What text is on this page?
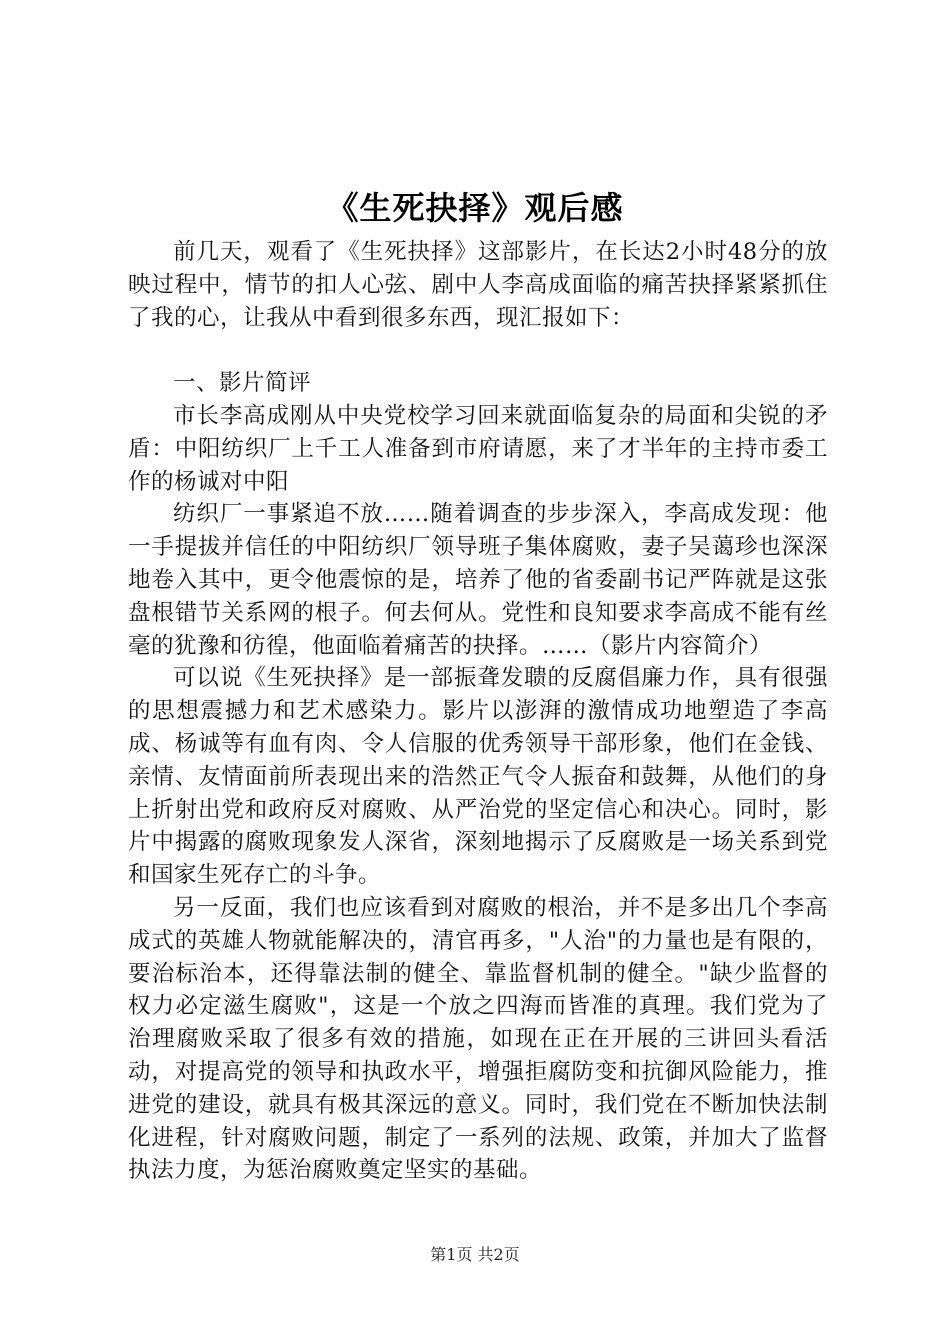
《生死抉择》观后感

前几天，观看了《生死抉择》这部影片，在长达2小时48分的放映过程中，情节的扣人心弦、剧中人李高成面临的痛苦抉择紧紧抓住了我的心，让我从中看到很多东西，现汇报如下：

一、影片简评

市长李高成刚从中央党校学习回来就面临复杂的局面和尖锐的矛盾：中阳纺织厂上千工人准备到市府请愿，来了才半年的主持市委工作的杨诚对中阳

纺织厂一事紧追不放……随着调查的步步深入，李高成发现：他一手提拔并信任的中阳纺织厂领导班子集体腐败，妻子吴蔼珍也深深地卷入其中，更令他震惊的是，培养了他的省委副书记严阵就是这张盘根错节关系网的根子。何去何从。党性和良知要求李高成不能有丝毫的犹豫和彷徨，他面临着痛苦的抉择。……（影片内容简介）

可以说《生死抉择》是一部振聋发聩的反腐倡廉力作，具有很强的思想震撼力和艺术感染力。影片以澎湃的激情成功地塑造了李高成、杨诚等有血有肉、令人信服的优秀领导干部形象，他们在金钱、亲情、友情面前所表现出来的浩然正气令人振奋和鼓舞，从他们的身上折射出党和政府反对腐败、从严治党的坚定信心和决心。同时，影片中揭露的腐败现象发人深省，深刻地揭示了反腐败是一场关系到党和国家生死存亡的斗争。

另一反面，我们也应该看到对腐败的根治，并不是多出几个李高成式的英雄人物就能解决的，清官再多，"人治"的力量也是有限的，要治标治本，还得靠法制的健全、靠监督机制的健全。"缺少监督的权力必定滋生腐败"，这是一个放之四海而皆准的真理。我们党为了治理腐败采取了很多有效的措施，如现在正在开展的三讲回头看活动，对提高党的领导和执政水平，增强拒腐防变和抗御风险能力，推进党的建设，就具有极其深远的意义。同时，我们党在不断加快法制化进程，针对腐败问题，制定了一系列的法规、政策，并加大了监督执法力度，为惩治腐败奠定坚实的基础。

第1页 共2页
